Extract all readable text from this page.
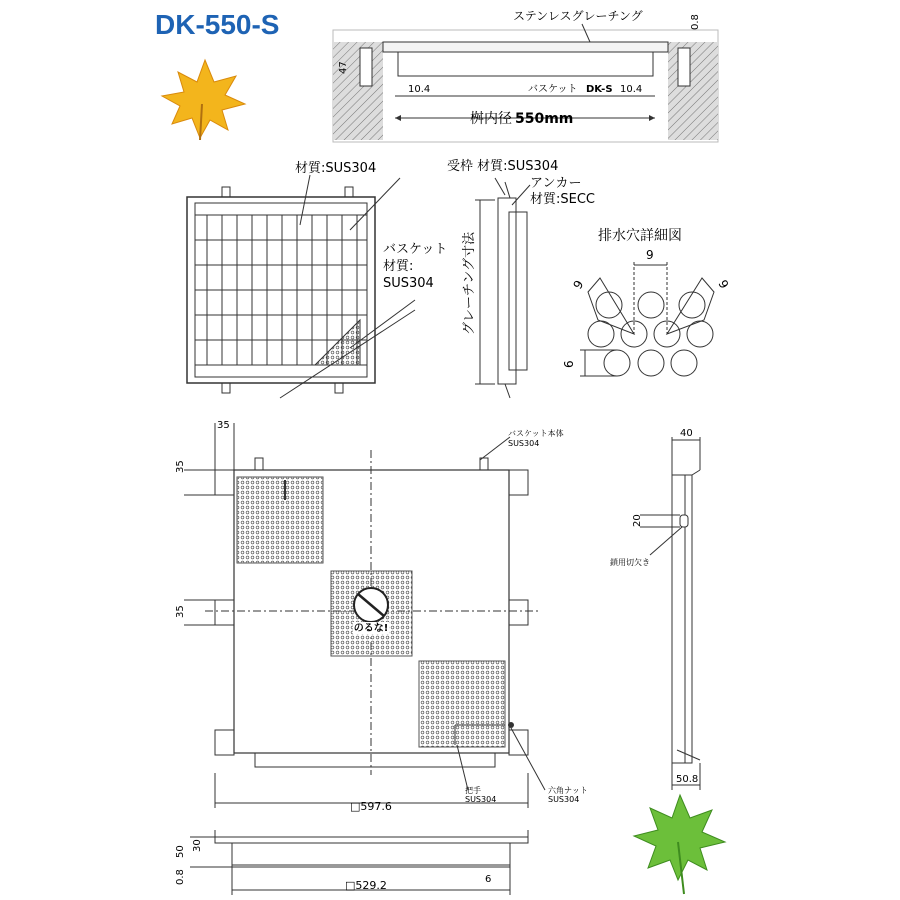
DK-550-S	ステンレスグレーチング	0.8
47
10.4	10.4
バスケット DK-S
桝内径 550mm
材質:SUS304
バスケット
材質:
SUS304
受枠 材質:SUS304
アンカー
材質:SECC
グレーチング寸法	排水穴詳細図
9
9	9
6
のるな!
バスケット本体
SUS304
35
35
35
把手
SUS304
六角ナット
SUS304
□597.6
40
20
鎖用切欠き
50.8
30
50
0.8	6
□529.2
